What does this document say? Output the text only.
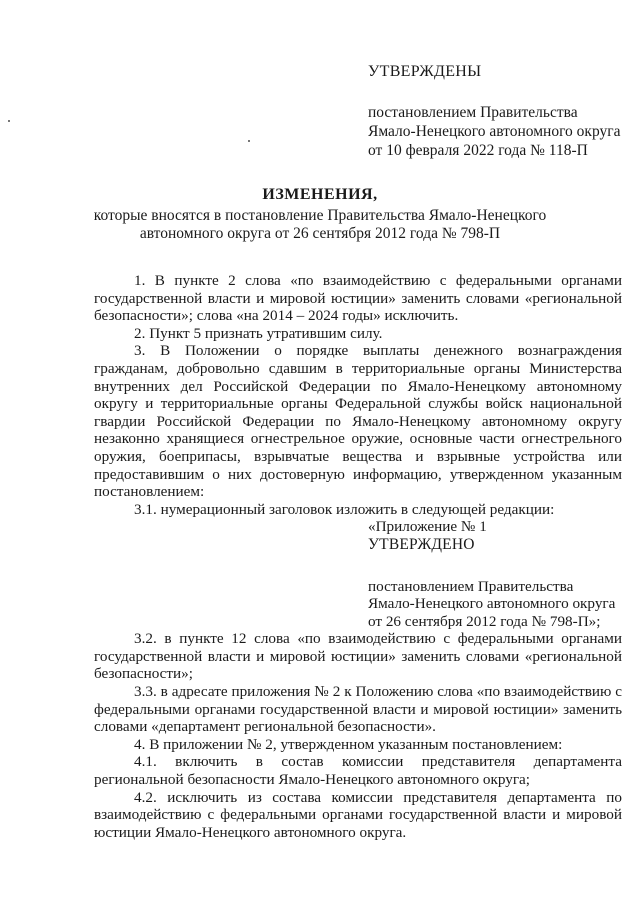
УТВЕРЖДЕНЫ
постановлением Правительства
Ямало-Ненецкого автономного округа
от 10 февраля 2022 года № 118-П
ИЗМЕНЕНИЯ,
которые вносятся в постановление Правительства Ямало-Ненецкого
автономного округа от 26 сентября 2012 года № 798-П

1. В пункте 2 слова «по взаимодействию с федеральными органами государственной власти и мировой юстиции» заменить словами «региональной безопасности»; слова «на 2014 – 2024 годы» исключить.

2. Пункт 5 признать утратившим силу.

3. В Положении о порядке выплаты денежного вознаграждения гражданам, добровольно сдавшим в территориальные органы Министерства внутренних дел Российской Федерации по Ямало-Ненецкому автономному округу и территориальные органы Федеральной службы войск национальной гвардии Российской Федерации по Ямало-Ненецкому автономному округу незаконно хранящиеся огнестрельное оружие, основные части огнестрельного оружия, боеприпасы, взрывчатые вещества и взрывные устройства или предоставившим о них достоверную информацию, утвержденном указанным постановлением:

3.1. нумерационный заголовок изложить в следующей редакции:

«Приложение № 1
УТВЕРЖДЕНО
постановлением Правительства
Ямало-Ненецкого автономного округа
от 26 сентября 2012 года № 798-П»;

3.2. в пункте 12 слова «по взаимодействию с федеральными органами государственной власти и мировой юстиции» заменить словами «региональной безопасности»;

3.3. в адресате приложения № 2 к Положению слова «по взаимодействию с федеральными органами государственной власти и мировой юстиции» заменить словами «департамент региональной безопасности».

4. В приложении № 2, утвержденном указанным постановлением:

4.1. включить в состав комиссии представителя департамента региональной безопасности Ямало-Ненецкого автономного округа;

4.2. исключить из состава комиссии представителя департамента по взаимодействию с федеральными органами государственной власти и мировой юстиции Ямало-Ненецкого автономного округа.
